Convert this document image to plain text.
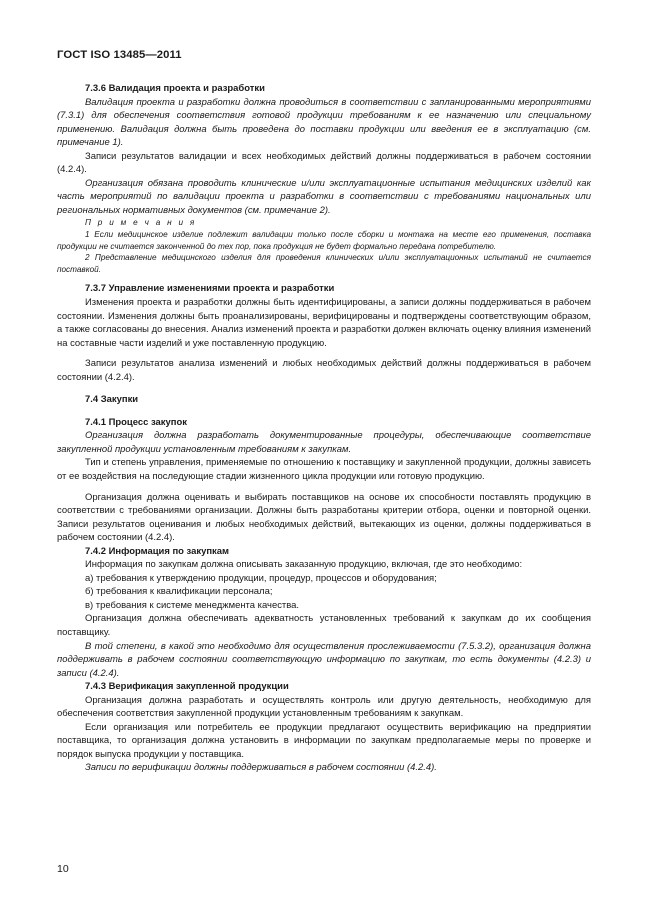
ГОСТ ISO 13485—2011

7.3.6 Валидация проекта и разработки

Валидация проекта и разработки должна проводиться в соответствии с запланированными мероприятиями (7.3.1) для обеспечения соответствия готовой продукции требованиям к ее назначению или специальному применению. Валидация должна быть проведена до поставки продукции или введения ее в эксплуатацию (см. примечание 1).

Записи результатов валидации и всех необходимых действий должны поддерживаться в рабочем состоянии (4.2.4).

Организация обязана проводить клинические и/или эксплуатационные испытания медицинских изделий как часть мероприятий по валидации проекта и разработки в соответствии с требованиями национальных или региональных нормативных документов (см. примечание 2).

П р и м е ч а н и я

1 Если медицинское изделие подлежит валидации только после сборки и монтажа на месте его применения, поставка продукции не считается законченной до тех пор, пока продукция не будет формально передана потребителю.

2 Представление медицинского изделия для проведения клинических и/или эксплуатационных испытаний не считается поставкой.

7.3.7 Управление изменениями проекта и разработки

Изменения проекта и разработки должны быть идентифицированы, а записи должны поддерживаться в рабочем состоянии. Изменения должны быть проанализированы, верифицированы и подтверждены соответствующим образом, а также согласованы до внесения. Анализ изменений проекта и разработки должен включать оценку влияния изменений на составные части изделий и уже поставленную продукцию.

Записи результатов анализа изменений и любых необходимых действий должны поддерживаться в рабочем состоянии (4.2.4).

7.4 Закупки

7.4.1 Процесс закупок

Организация должна разработать документированные процедуры, обеспечивающие соответствие закупленной продукции установленным требованиям к закупкам.

Тип и степень управления, применяемые по отношению к поставщику и закупленной продукции, должны зависеть от ее воздействия на последующие стадии жизненного цикла продукции или готовую продукцию.

Организация должна оценивать и выбирать поставщиков на основе их способности поставлять продукцию в соответствии с требованиями организации. Должны быть разработаны критерии отбора, оценки и повторной оценки. Записи результатов оценивания и любых необходимых действий, вытекающих из оценки, должны поддерживаться в рабочем состоянии (4.2.4).

7.4.2 Информация по закупкам

Информация по закупкам должна описывать заказанную продукцию, включая, где это необходимо:

а) требования к утверждению продукции, процедур, процессов и оборудования;

б) требования к квалификации персонала;

в) требования к системе менеджмента качества.

Организация должна обеспечивать адекватность установленных требований к закупкам до их сообщения поставщику.

В той степени, в какой это необходимо для осуществления прослеживаемости (7.5.3.2), организация должна поддерживать в рабочем состоянии соответствующую информацию по закупкам, то есть документы (4.2.3) и записи (4.2.4).

7.4.3 Верификация закупленной продукции

Организация должна разработать и осуществлять контроль или другую деятельность, необходимую для обеспечения соответствия закупленной продукции установленным требованиям к закупкам.

Если организация или потребитель ее продукции предлагают осуществить верификацию на предприятии поставщика, то организация должна установить в информации по закупкам предполагаемые меры по проверке и порядок выпуска продукции у поставщика.

Записи по верификации должны поддерживаться в рабочем состоянии (4.2.4).

10
